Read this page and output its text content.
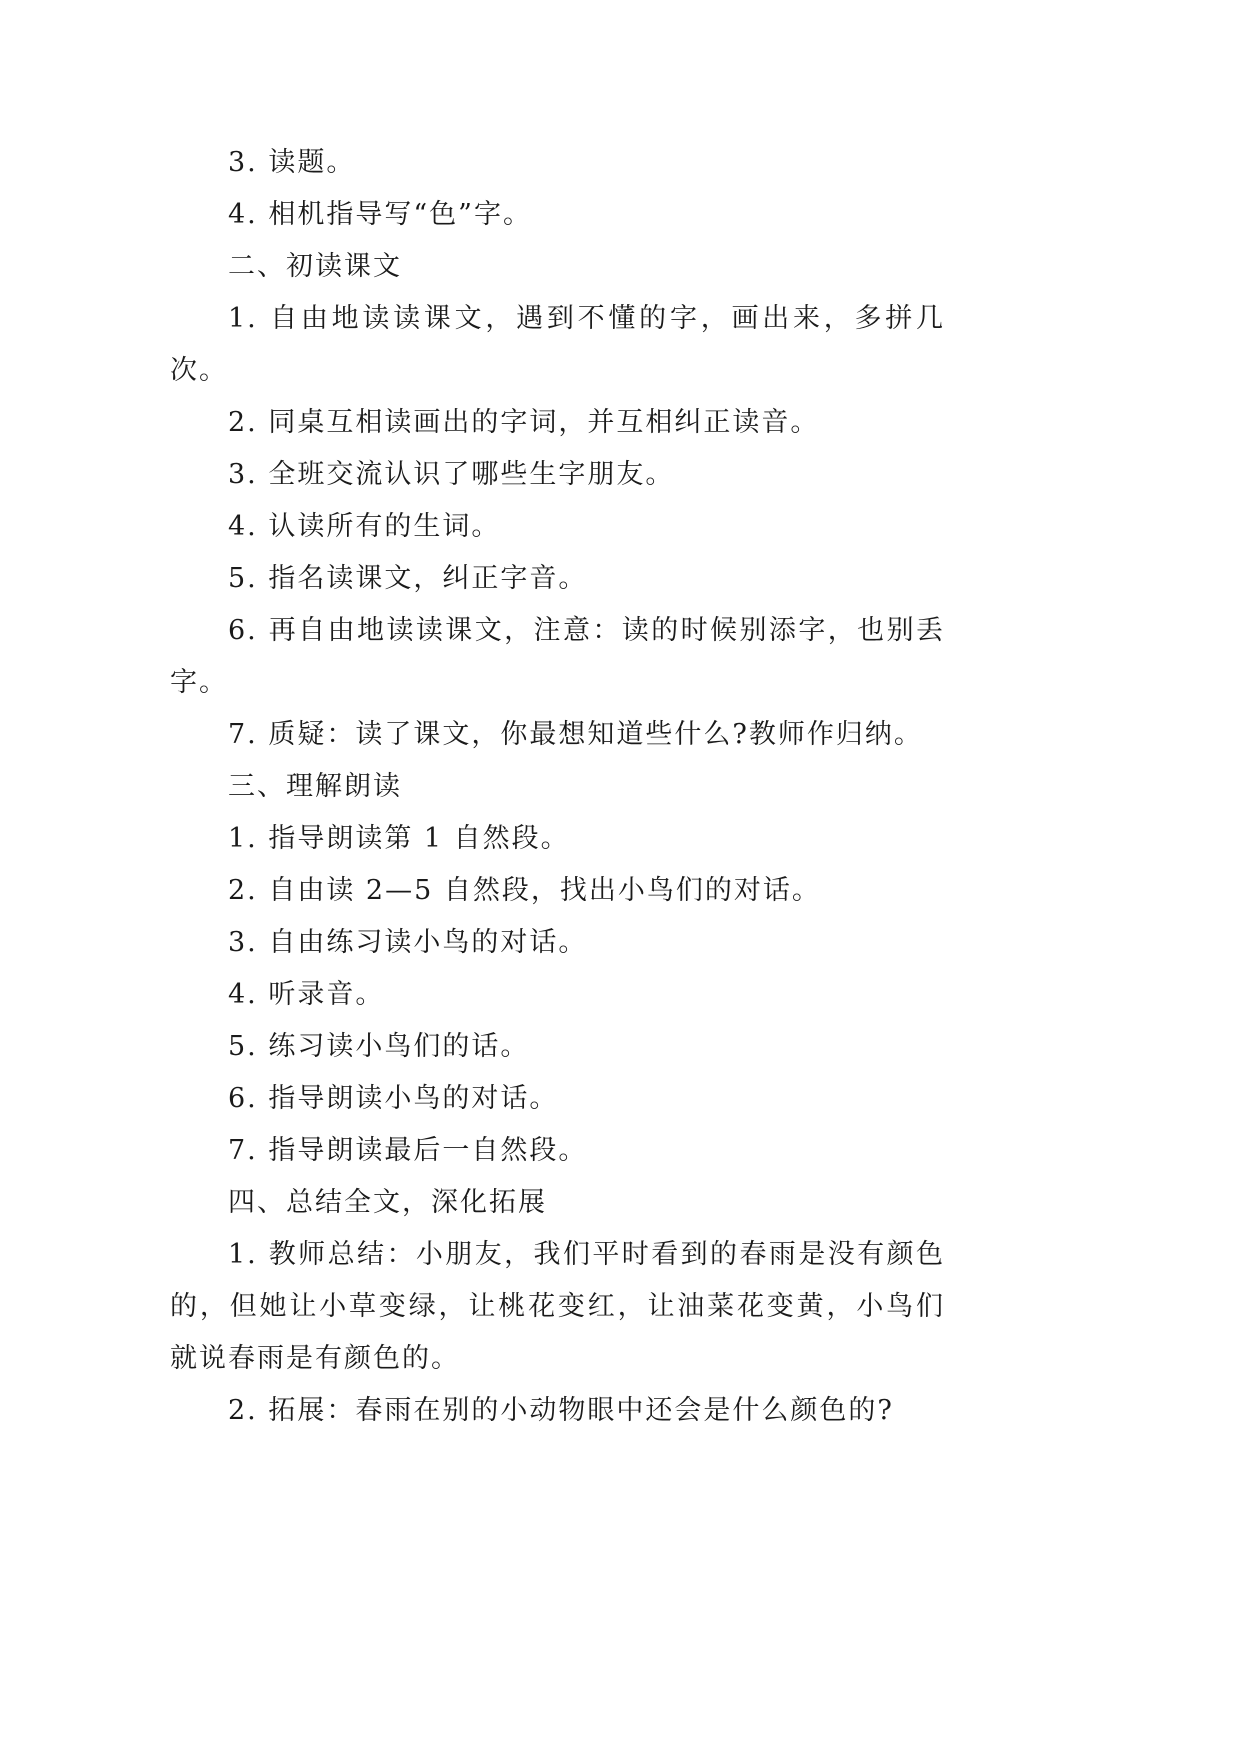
3. 读题。

4. 相机指导写“色”字。

二、初读课文

1. 自由地读读课文，遇到不懂的字，画出来，多拼几次。

2. 同桌互相读画出的字词，并互相纠正读音。

3. 全班交流认识了哪些生字朋友。

4. 认读所有的生词。

5. 指名读课文，纠正字音。

6. 再自由地读读课文，注意：读的时候别添字，也别丢字。

7. 质疑：读了课文，你最想知道些什么?教师作归纳。

三、理解朗读

1. 指导朗读第 1 自然段。

2. 自由读 2—5 自然段，找出小鸟们的对话。

3. 自由练习读小鸟的对话。

4. 听录音。

5. 练习读小鸟们的话。

6. 指导朗读小鸟的对话。

7. 指导朗读最后一自然段。

四、总结全文，深化拓展

1. 教师总结：小朋友，我们平时看到的春雨是没有颜色的，但她让小草变绿，让桃花变红，让油菜花变黄，小鸟们就说春雨是有颜色的。

2. 拓展：春雨在别的小动物眼中还会是什么颜色的?
